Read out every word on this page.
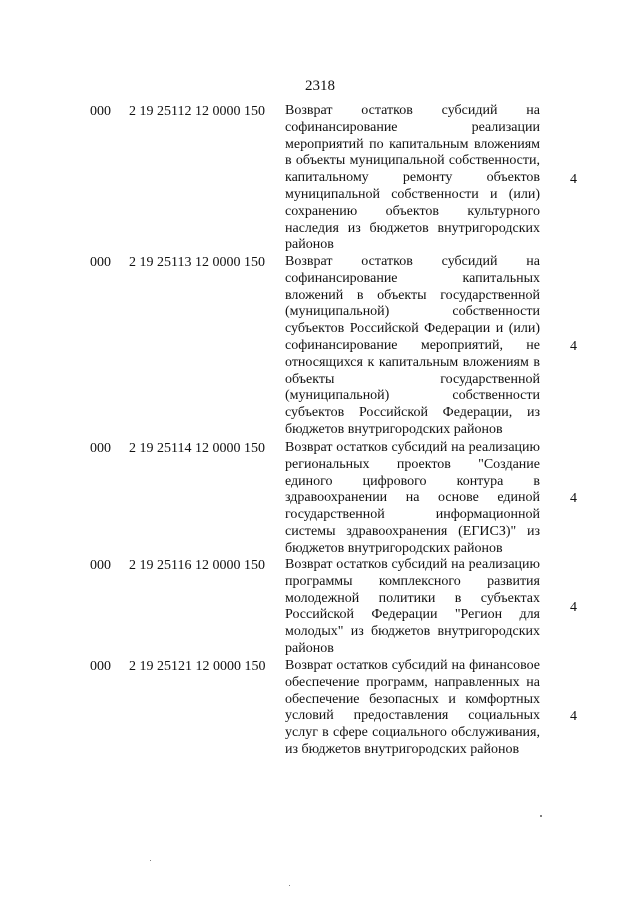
2318
000 2 19 25112 12 0000 150 Возврат остатков субсидий на софинансирование реализации мероприятий по капитальным вложениям в объекты муниципальной собственности, капитальному ремонту объектов муниципальной собственности и (или) сохранению объектов культурного наследия из бюджетов внутригородских районов
4
000 2 19 25113 12 0000 150 Возврат остатков субсидий на софинансирование капитальных вложений в объекты государственной (муниципальной) собственности субъектов Российской Федерации и (или) софинансирование мероприятий, не относящихся к капитальным вложениям в объекты государственной (муниципальной) собственности субъектов Российской Федерации, из бюджетов внутригородских районов
4
000 2 19 25114 12 0000 150 Возврат остатков субсидий на реализацию региональных проектов "Создание единого цифрового контура в здравоохранении на основе единой государственной информационной системы здравоохранения (ЕГИСЗ)" из бюджетов внутригородских районов
4
000 2 19 25116 12 0000 150 Возврат остатков субсидий на реализацию программы комплексного развития молодежной политики в субъектах Российской Федерации "Регион для молодых" из бюджетов внутригородских районов
4
000 2 19 25121 12 0000 150 Возврат остатков субсидий на финансовое обеспечение программ, направленных на обеспечение безопасных и комфортных условий предоставления социальных услуг в сфере социального обслуживания, из бюджетов внутригородских районов
4
